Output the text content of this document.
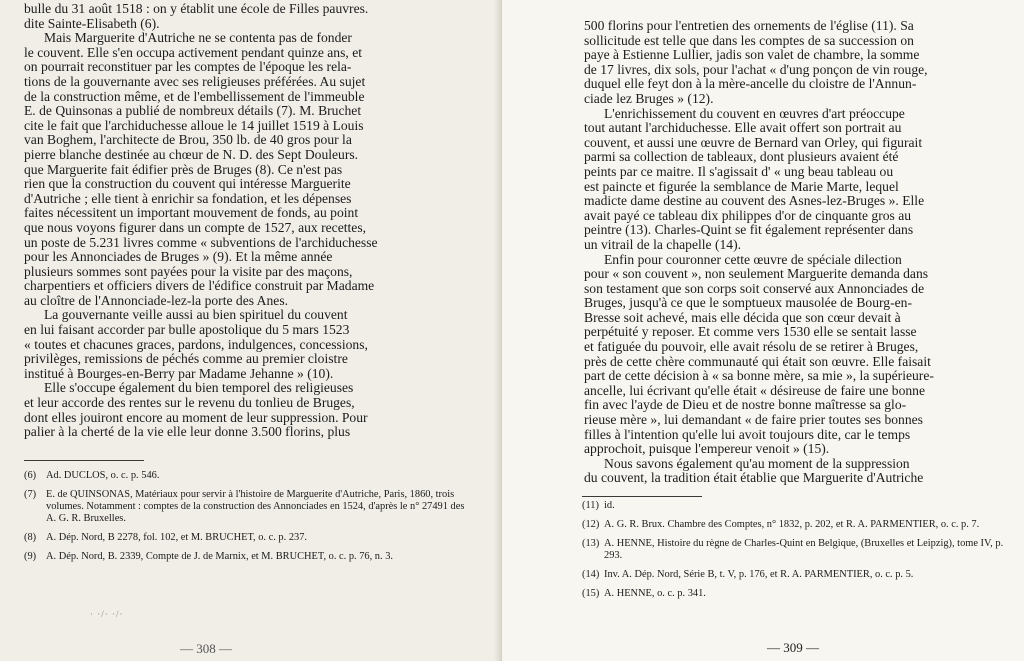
bulle du 31 août 1518 : on y établit une école de Filles pauvres.

dite Sainte-Elisabeth (6).

Mais Marguerite d'Autriche ne se contenta pas de fonder

le couvent. Elle s'en occupa activement pendant quinze ans, et

on pourrait reconstituer par les comptes de l'époque les rela-

tions de la gouvernante avec ses religieuses préférées. Au sujet

de la construction même, et de l'embellissement de l'immeuble

E. de Quinsonas a publié de nombreux détails (7). M. Bruchet

cite le fait que l'archiduchesse alloue le 14 juillet 1519 à Louis

van Boghem, l'architecte de Brou, 350 lb. de 40 gros pour la

pierre blanche destinée au chœur de N. D. des Sept Douleurs.

que Marguerite fait édifier près de Bruges (8). Ce n'est pas

rien que la construction du couvent qui intéresse Marguerite

d'Autriche ; elle tient à enrichir sa fondation, et les dépenses

faites nécessitent un important mouvement de fonds, au point

que nous voyons figurer dans un compte de 1527, aux recettes,

un poste de 5.231 livres comme « subventions de l'archiduchesse

pour les Annonciades de Bruges » (9). Et la même année

plusieurs sommes sont payées pour la visite par des maçons,

charpentiers et officiers divers de l'édifice construit par Madame

au cloître de l'Annonciade-lez-la porte des Anes.

La gouvernante veille aussi au bien spirituel du couvent

en lui faisant accorder par bulle apostolique du 5 mars 1523

« toutes et chacunes graces, pardons, indulgences, concessions,

privilèges, remissions de péchés comme au premier cloistre

institué à Bourges-en-Berry par Madame Jehanne » (10).

Elle s'occupe également du bien temporel des religieuses

et leur accorde des rentes sur le revenu du tonlieu de Bruges,

dont elles jouiront encore au moment de leur suppression. Pour

palier à la cherté de la vie elle leur donne 3.500 florins, plus

(6) Ad. DUCLOS, o. c. p. 546.
(7) E. de QUINSONAS, Matériaux pour servir à l'histoire de Marguerite d'Autriche, Paris, 1860, trois volumes. Notamment : comptes de la construction des Annonciades en 1524, d'après le n° 27491 des A. G. R. Bruxelles.
(8) A. Dép. Nord, B 2278, fol. 102, et M. BRUCHET, o. c. p. 237.
(9) A. Dép. Nord, B. 2339, Compte de J. de Marnix, et M. BRUCHET, o. c. p. 76, n. 3.
· ·/· ·/·
— 308 —

500 florins pour l'entretien des ornements de l'église (11). Sa

sollicitude est telle que dans les comptes de sa succession on

paye à Estienne Lullier, jadis son valet de chambre, la somme

de 17 livres, dix sols, pour l'achat « d'ung ponçon de vin rouge,

duquel elle feyt don à la mère-ancelle du cloistre de l'Annun-

ciade lez Bruges » (12).

L'enrichissement du couvent en œuvres d'art préoccupe

tout autant l'archiduchesse. Elle avait offert son portrait au

couvent, et aussi une œuvre de Bernard van Orley, qui figurait

parmi sa collection de tableaux, dont plusieurs avaient été

peints par ce maitre. Il s'agissait d' « ung beau tableau ou

est paincte et figurée la semblance de Marie Marte, lequel

madicte dame destine au couvent des Asnes-lez-Bruges ». Elle

avait payé ce tableau dix philippes d'or de cinquante gros au

peintre (13). Charles-Quint se fit également représenter dans

un vitrail de la chapelle (14).

Enfin pour couronner cette œuvre de spéciale dilection

pour « son couvent », non seulement Marguerite demanda dans

son testament que son corps soit conservé aux Annonciades de

Bruges, jusqu'à ce que le somptueux mausolée de Bourg-en-

Bresse soit achevé, mais elle décida que son cœur devait à

perpétuité y reposer. Et comme vers 1530 elle se sentait lasse

et fatiguée du pouvoir, elle avait résolu de se retirer à Bruges,

près de cette chère communauté qui était son œuvre. Elle faisait

part de cette décision à « sa bonne mère, sa mie », la supérieure-

ancelle, lui écrivant qu'elle était « désireuse de faire une bonne

fin avec l'ayde de Dieu et de nostre bonne maîtresse sa glo-

rieuse mère », lui demandant « de faire prier toutes ses bonnes

filles à l'intention qu'elle lui avoit toujours dite, car le temps

approchoit, puisque l'empereur venoit » (15).

Nous savons également qu'au moment de la suppression

du couvent, la tradition était établie que Marguerite d'Autriche

(11) id.
(12) A. G. R. Brux. Chambre des Comptes, n° 1832, p. 202, et R. A. PARMENTIER, o. c. p. 7.
(13) A. HENNE, Histoire du règne de Charles-Quint en Belgique, (Bruxelles et Leipzig), tome IV, p. 293.
(14) Inv. A. Dép. Nord, Série B, t. V, p. 176, et R. A. PARMENTIER, o. c. p. 5.
(15) A. HENNE, o. c. p. 341.
— 309 —
